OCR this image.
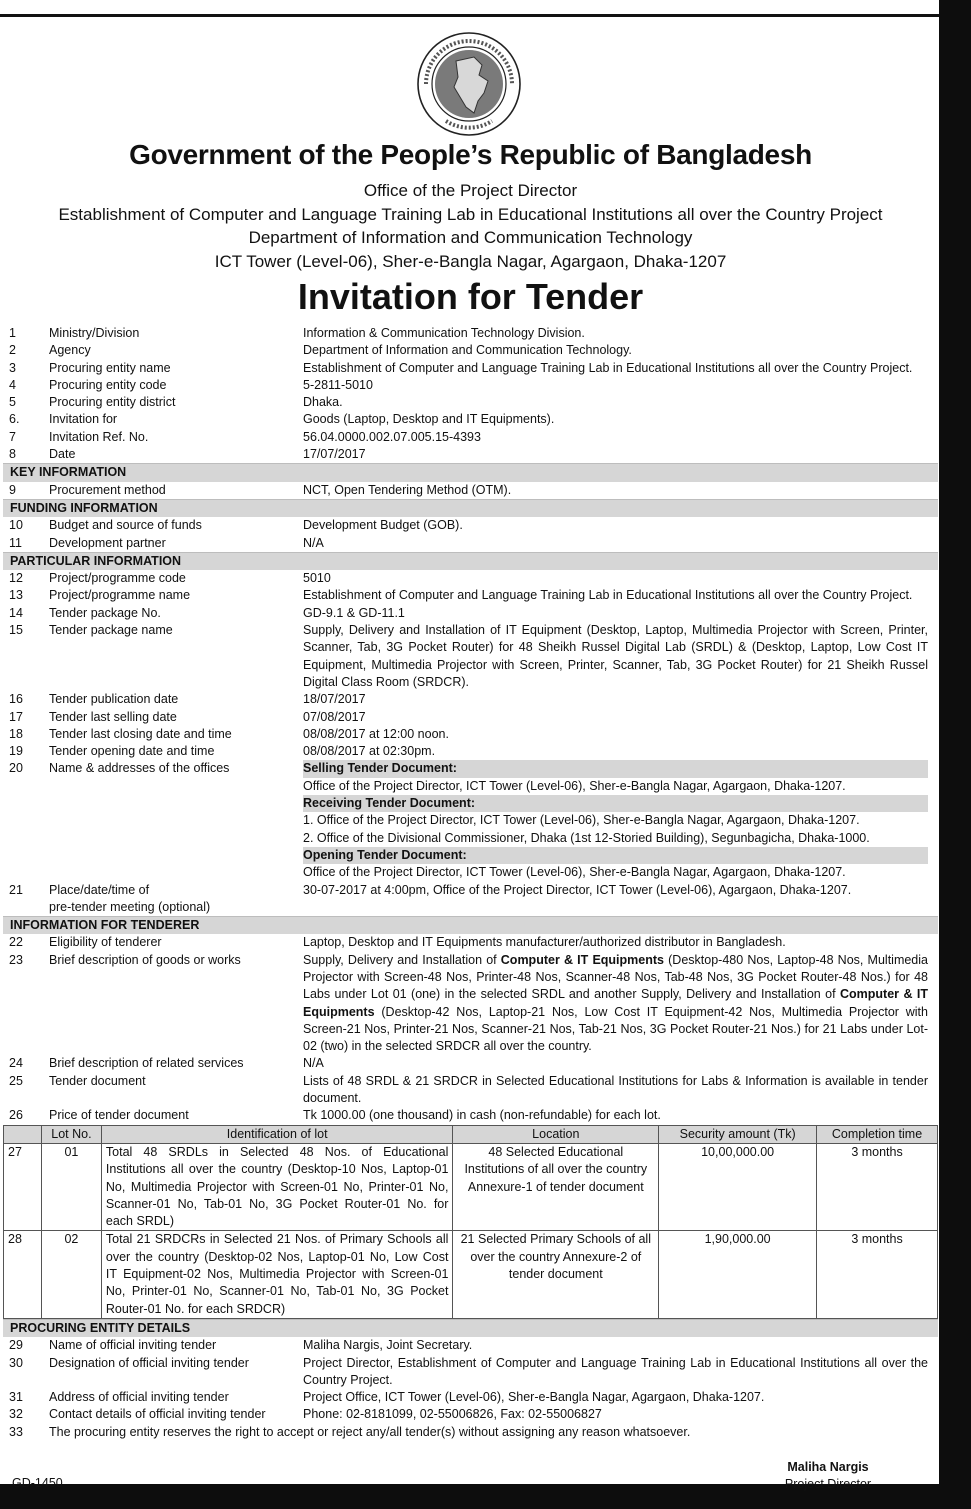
Government of the People’s Republic of Bangladesh
Office of the Project Director
Establishment of Computer and Language Training Lab in Educational Institutions all over the Country Project
Department of Information and Communication Technology
ICT Tower (Level-06), Sher-e-Bangla Nagar, Agargaon, Dhaka-1207
Invitation for Tender
1	Ministry/Division	Information & Communication Technology Division.
2	Agency	Department of Information and Communication Technology.
3	Procuring entity name	Establishment of Computer and Language Training Lab in Educational Institutions all over the Country Project.
4	Procuring entity code	5-2811-5010
5	Procuring entity district	Dhaka.
6. Invitation for	Goods (Laptop, Desktop and IT Equipments).
7	Invitation Ref. No.	56.04.0000.002.07.005.15-4393
8	Date	17/07/2017
KEY INFORMATION
9	Procurement method	NCT, Open Tendering Method (OTM).
FUNDING INFORMATION
10 Budget and source of funds	Development Budget (GOB).
11 Development partner	N/A
PARTICULAR INFORMATION
12 Project/programme code	5010
13 Project/programme name	Establishment of Computer and Language Training Lab in Educational Institutions all over the Country Project.
14 Tender package No.	GD-9.1 & GD-11.1
15 Tender package name	Supply, Delivery and Installation of IT Equipment (Desktop, Laptop, Multimedia Projector with Screen, Printer, Scanner, Tab, 3G Pocket Router) for 48 Sheikh Russel Digital Lab (SRDL) & (Desktop, Laptop, Low Cost IT Equipment, Multimedia Projector with Screen, Printer, Scanner, Tab, 3G Pocket Router) for 21 Sheikh Russel Digital Class Room (SRDCR).
16 Tender publication date	18/07/2017
17 Tender last selling date	07/08/2017
18 Tender last closing date and time	08/08/2017 at 12:00 noon.
19 Tender opening date and time	08/08/2017 at 02:30pm.
20 Name & addresses of the offices	Selling Tender Document:
Office of the Project Director, ICT Tower (Level-06), Sher-e-Bangla Nagar, Agargaon, Dhaka-1207.
Receiving Tender Document:
1. Office of the Project Director, ICT Tower (Level-06), Sher-e-Bangla Nagar, Agargaon, Dhaka-1207.
2. Office of the Divisional Commissioner, Dhaka (1st 12-Storied Building), Segunbagicha, Dhaka-1000.
Opening Tender Document:
Office of the Project Director, ICT Tower (Level-06), Sher-e-Bangla Nagar, Agargaon, Dhaka-1207.
21 Place/date/time of
pre-tender meeting (optional)
30-07-2017 at 4:00pm, Office of the Project Director, ICT Tower (Level-06), Agargaon, Dhaka-1207.
INFORMATION FOR TENDERER
22 Eligibility of tenderer	Laptop, Desktop and IT Equipments manufacturer/authorized distributor in Bangladesh.
23 Brief description of goods or works	Supply, Delivery and Installation of Computer & IT Equipments (Desktop-480 Nos, Laptop-48 Nos, Multimedia Projector with Screen-48 Nos, Printer-48 Nos, Scanner-48 Nos, Tab-48 Nos, 3G Pocket Router-48 Nos.) for 48 Labs under Lot 01 (one) in the selected SRDL and another Supply, Delivery and Installation of Computer & IT Equipments (Desktop-42 Nos, Laptop-21 Nos, Low Cost IT Equipment-42 Nos, Multimedia Projector with Screen-21 Nos, Printer-21 Nos, Scanner-21 Nos, Tab-21 Nos, 3G Pocket Router-21 Nos.) for 21 Labs under Lot-02 (two) in the selected SRDCR all over the country.
24 Brief description of related services	N/A
25 Tender document	Lists of 48 SRDL & 21 SRDCR in Selected Educational Institutions for Labs & Information is available in tender document.
26 Price of tender document	Tk 1000.00 (one thousand) in cash (non-refundable) for each lot.
	Lot No.	Identification of lot	Location	Security amount (Tk)	Completion time
27	01	Total 48 SRDLs in Selected 48 Nos. of Educational Institutions all over the country (Desktop-10 Nos, Laptop-01 No, Multimedia Projector with Screen-01 No, Printer-01 No, Scanner-01 No, Tab-01 No, 3G Pocket Router-01 No. for each SRDL)	48 Selected Educational Institutions of all over the country Annexure-1 of tender document	10,00,000.00	3 months
28	02	Total 21 SRDCRs in Selected 21 Nos. of Primary Schools all over the country (Desktop-02 Nos, Laptop-01 No, Low Cost IT Equipment-02 Nos, Multimedia Projector with Screen-01 No, Printer-01 No, Scanner-01 No, Tab-01 No, 3G Pocket Router-01 No. for each SRDCR)	21 Selected Primary Schools of all over the country Annexure-2 of tender document	1,90,000.00	3 months
PROCURING ENTITY DETAILS
29 Name of official inviting tender	Maliha Nargis, Joint Secretary.
30 Designation of official inviting tender	Project Director, Establishment of Computer and Language Training Lab in Educational Institutions all over the Country Project.
31 Address of official inviting tender	Project Office, ICT Tower (Level-06), Sher-e-Bangla Nagar, Agargaon, Dhaka-1207.
32 Contact details of official inviting tender	Phone: 02-8181099, 02-55006826, Fax: 02-55006827
33 The procuring entity reserves the right to accept or reject any/all tender(s) without assigning any reason whatsoever.
Maliha Nargis
Project Director
GD-1450
